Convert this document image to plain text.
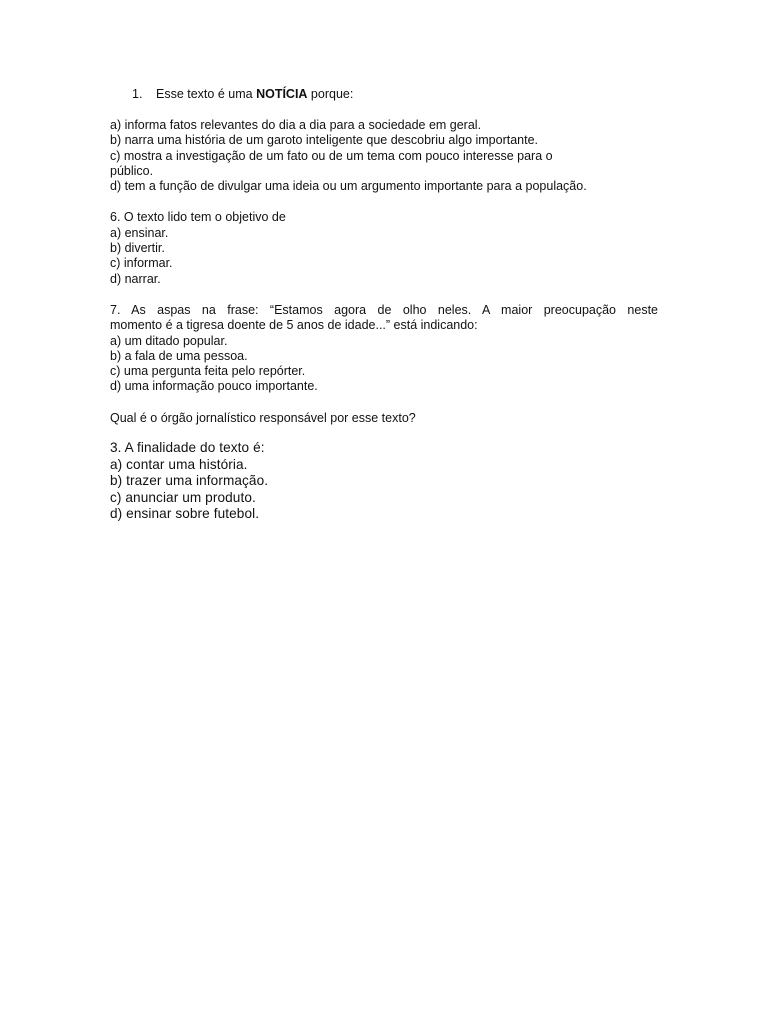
1. Esse texto é uma NOTÍCIA porque:
a) informa fatos relevantes do dia a dia para a sociedade em geral.
b) narra uma história de um garoto inteligente que descobriu algo importante.
c) mostra a investigação de um fato ou de um tema com pouco interesse para o
público.
d) tem a função de divulgar uma ideia ou um argumento importante para a população.
6. O texto lido tem o objetivo de
a) ensinar.
b) divertir.
c) informar.
d) narrar.
7. As aspas na frase: “Estamos agora de olho neles. A maior preocupação neste
momento é a tigresa doente de 5 anos de idade...” está indicando:
a) um ditado popular.
b) a fala de uma pessoa.
c) uma pergunta feita pelo repórter.
d) uma informação pouco importante.
Qual é o órgão jornalístico responsável por esse texto?
3. A finalidade do texto é:
a) contar uma história.
b) trazer uma informação.
c) anunciar um produto.
d) ensinar sobre futebol.
